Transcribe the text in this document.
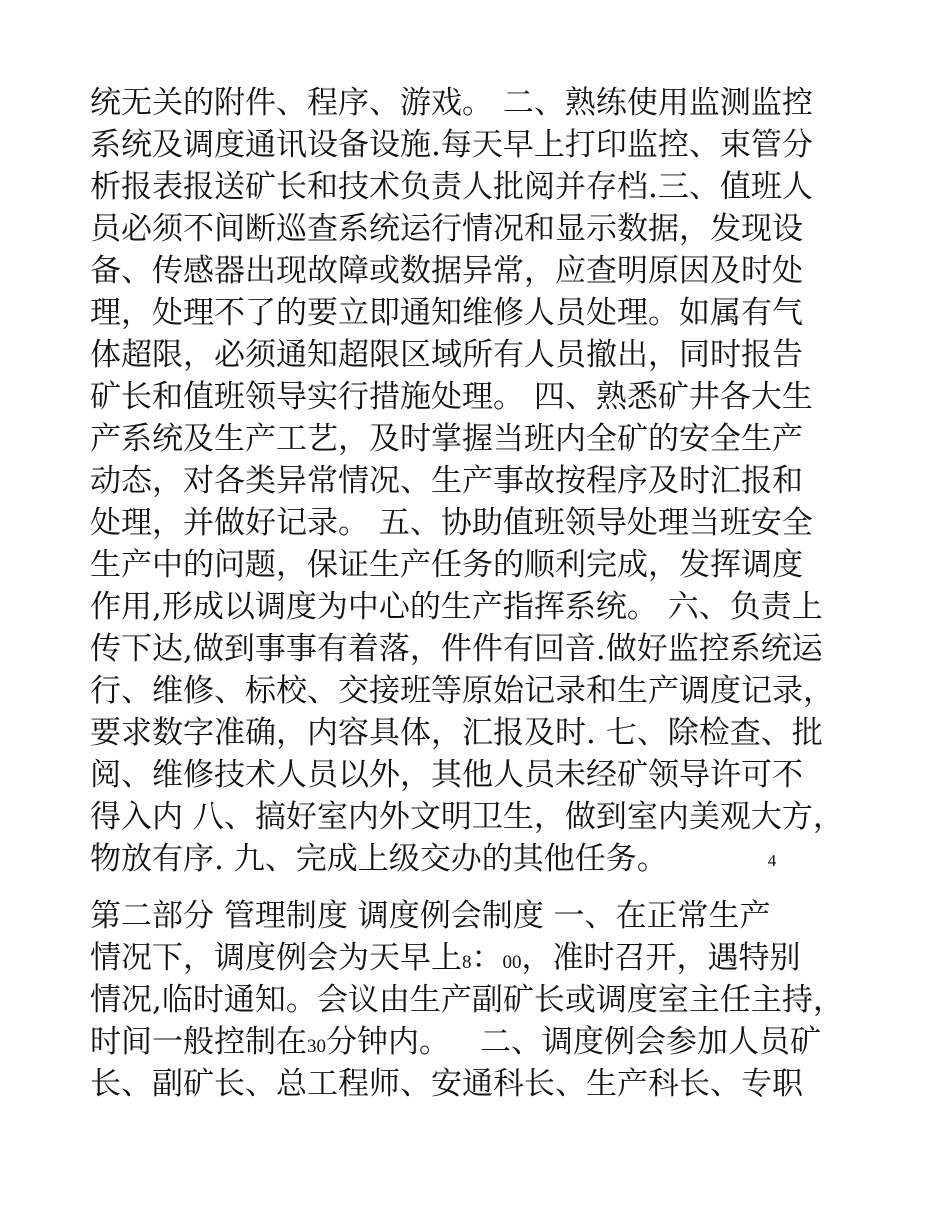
统无关的附件、程序、游戏。 二、熟练使用监测监控
系统及调度通讯设备设施.每天早上打印监控、束管分
析报表报送矿长和技术负责人批阅并存档.三、值班人
员必须不间断巡查系统运行情况和显示数据，发现设
备、传感器出现故障或数据异常，应查明原因及时处
理，处理不了的要立即通知维修人员处理。如属有气
体超限，必须通知超限区域所有人员撤出，同时报告
矿长和值班领导实行措施处理。 四、熟悉矿井各大生
产系统及生产工艺，及时掌握当班内全矿的安全生产
动态，对各类异常情况、生产事故按程序及时汇报和
处理，并做好记录。 五、协助值班领导处理当班安全
生产中的问题，保证生产任务的顺利完成，发挥调度
作用,形成以调度为中心的生产指挥系统。 六、负责上
传下达,做到事事有着落，件件有回音.做好监控系统运
行、维修、标校、交接班等原始记录和生产调度记录，
要求数字准确，内容具体，汇报及时. 七、除检查、批
阅、维修技术人员以外，其他人员未经矿领导许可不
得入内 八、搞好室内外文明卫生，做到室内美观大方，
物放有序. 九、完成上级交办的其他任务。	4
第二部分 管理制度 调度例会制度 一、在正常生产
情况下，调度例会为天早上8：00，准时召开，遇特别
情况,临时通知。会议由生产副矿长或调度室主任主持，
时间一般控制在30分钟内。 二、调度例会参加人员矿
长、副矿长、总工程师、安通科长、生产科长、专职
